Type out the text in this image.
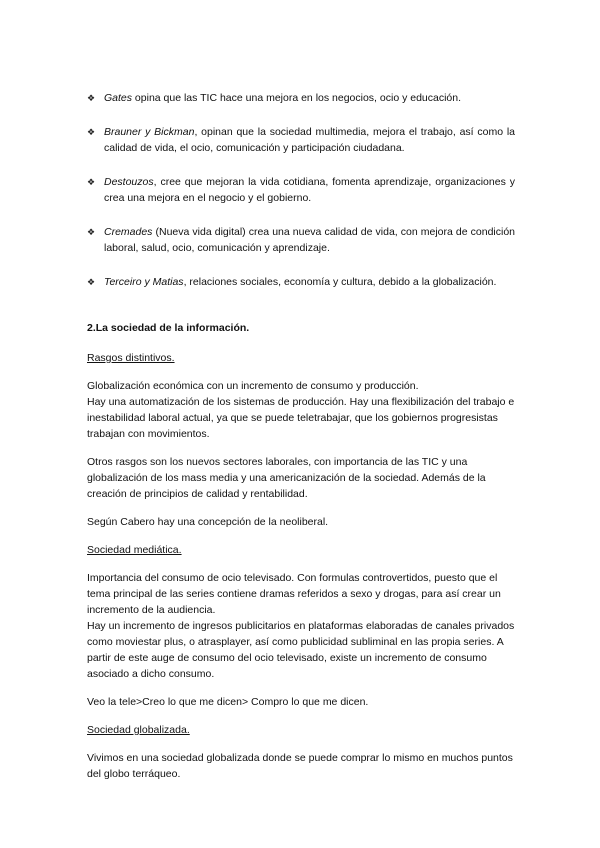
❖ Gates opina que las TIC hace una mejora en los negocios, ocio y educación.
❖ Brauner y Bickman, opinan que la sociedad multimedia, mejora el trabajo, así como la calidad de vida, el ocio, comunicación y participación ciudadana.
❖ Destouzos, cree que mejoran la vida cotidiana, fomenta aprendizaje, organizaciones y crea una mejora en el negocio y el gobierno.
❖ Cremades (Nueva vida digital) crea una nueva calidad de vida, con mejora de condición laboral, salud, ocio, comunicación y aprendizaje.
❖ Terceiro y Matias, relaciones sociales, economía y cultura, debido a la globalización.
2.La sociedad de la información.
Rasgos distintivos.

Globalización económica con un incremento de consumo y producción.

Hay una automatización de los sistemas de producción. Hay una flexibilización del trabajo e inestabilidad laboral actual, ya que se puede teletrabajar, que los gobiernos progresistas trabajan con movimientos.

Otros rasgos son los nuevos sectores laborales, con importancia de las TIC y una globalización de los mass media y una americanización de la sociedad. Además de la creación de principios de calidad y rentabilidad.

Según Cabero hay una concepción de la neoliberal.

Sociedad mediática.

Importancia del consumo de ocio televisado. Con formulas controvertidos, puesto que el tema principal de las series contiene dramas referidos a sexo y drogas, para así crear un incremento de la audiencia.

Hay un incremento de ingresos publicitarios en plataformas elaboradas de canales privados como moviestar plus, o atrasplayer, así como publicidad subliminal en las propia series. A partir de este auge de consumo del ocio televisado, existe un incremento de consumo asociado a dicho consumo.

Veo la tele>Creo lo que me dicen> Compro lo que me dicen.

Sociedad globalizada.

Vivimos en una sociedad globalizada donde se puede comprar lo mismo en muchos puntos del globo terráqueo.
